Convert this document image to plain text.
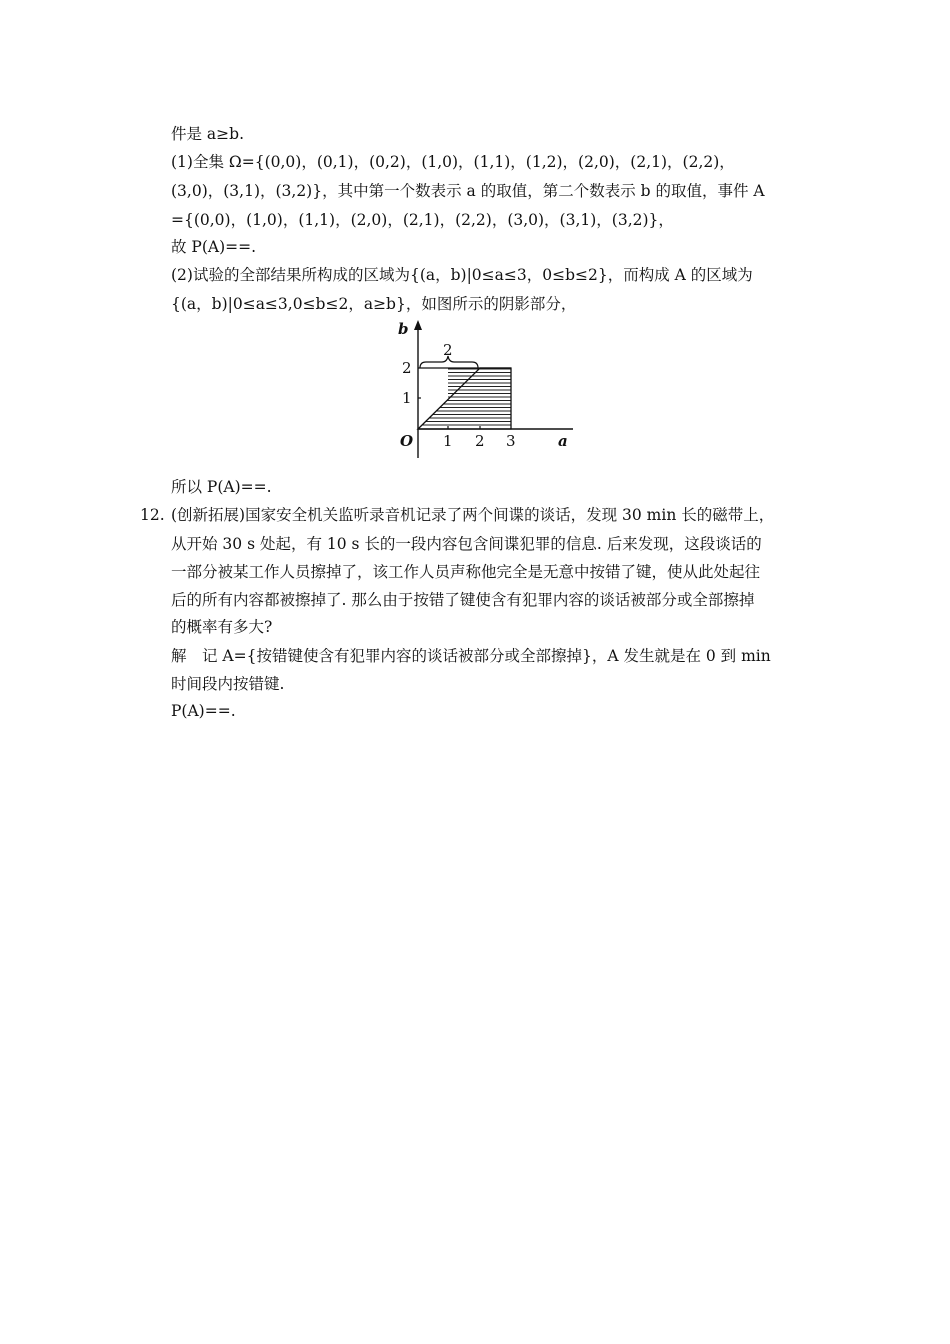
件是 a≥b.
(1)全集 Ω={(0,0)，(0,1)，(0,2)，(1,0)，(1,1)，(1,2)，(2,0)，(2,1)，(2,2)，
(3,0)，(3,1)，(3,2)}，其中第一个数表示 a 的取值，第二个数表示 b 的取值，事件 A
={(0,0)，(1,0)，(1,1)，(2,0)，(2,1)，(2,2)，(3,0)，(3,1)，(3,2)}，
故 P(A)==.
(2)试验的全部结果所构成的区域为{(a，b)|0≤a≤3，0≤b≤2}，而构成 A 的区域为
{(a，b)|0≤a≤3,0≤b≤2，a≥b}，如图所示的阴影部分，
b
a
O 1 2 3
1
2
2
所以 P(A)==.
12. (创新拓展)国家安全机关监听录音机记录了两个间谍的谈话，发现 30 min 长的磁带上，
从开始 30 s 处起，有 10 s 长的一段内容包含间谍犯罪的信息. 后来发现，这段谈话的
一部分被某工作人员擦掉了，该工作人员声称他完全是无意中按错了键，使从此处起往
后的所有内容都被擦掉了. 那么由于按错了键使含有犯罪内容的谈话被部分或全部擦掉
的概率有多大?
解　记 A={按错键使含有犯罪内容的谈话被部分或全部擦掉}，A 发生就是在 0 到 min
时间段内按错键.
P(A)==.
